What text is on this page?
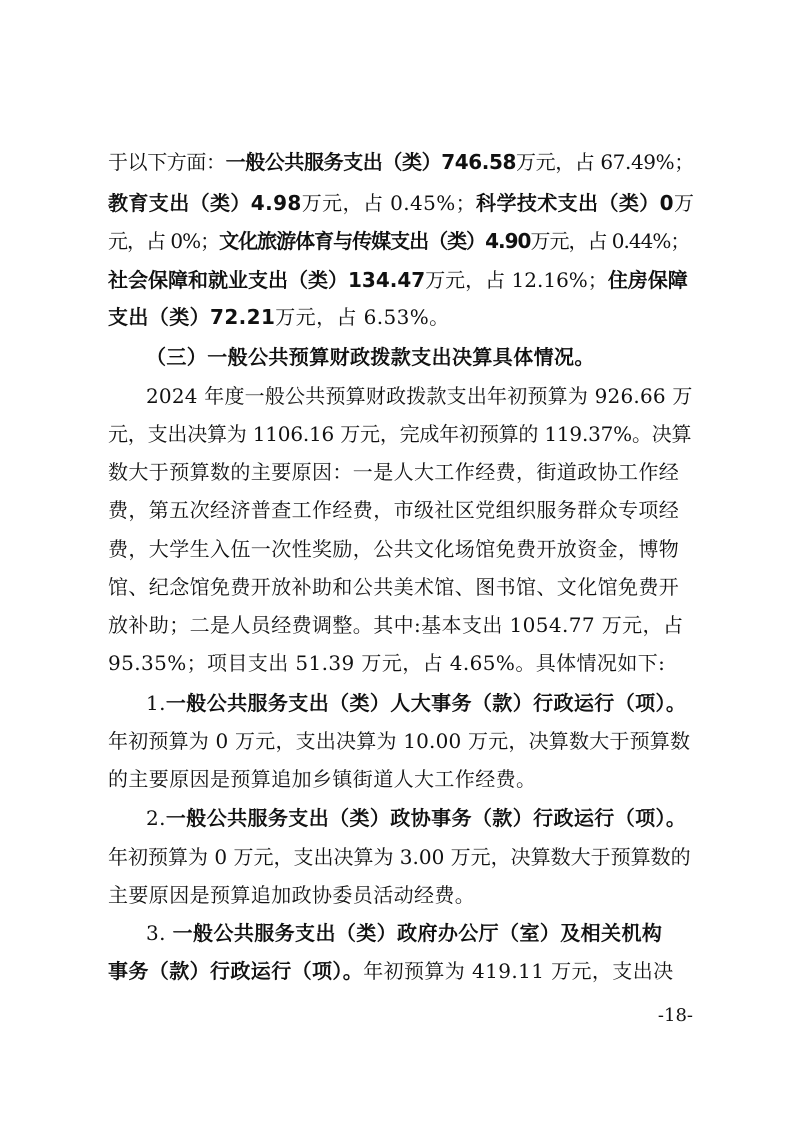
于以下方面：一般公共服务支出（类）746.58万元，占 67.49%；
教育支出（类）4.98万元，占 0.45%；科学技术支出（类）0万
元，占 0%；文化旅游体育与传媒支出（类）4.90万元，占 0.44%；
社会保障和就业支出（类）134.47万元，占 12.16%；住房保障
支出（类）72.21万元，占 6.53%。
（三）一般公共预算财政拨款支出决算具体情况。
2024 年度一般公共预算财政拨款支出年初预算为 926.66 万
元，支出决算为 1106.16 万元，完成年初预算的 119.37%。决算
数大于预算数的主要原因：一是人大工作经费，街道政协工作经
费，第五次经济普查工作经费，市级社区党组织服务群众专项经
费，大学生入伍一次性奖励，公共文化场馆免费开放资金，博物
馆、纪念馆免费开放补助和公共美术馆、图书馆、文化馆免费开
放补助；二是人员经费调整。其中:基本支出 1054.77 万元，占
95.35%；项目支出 51.39 万元，占 4.65%。具体情况如下:
1.一般公共服务支出（类）人大事务（款）行政运行（项）。
年初预算为 0 万元，支出决算为 10.00 万元，决算数大于预算数
的主要原因是预算追加乡镇街道人大工作经费。
2.一般公共服务支出（类）政协事务（款）行政运行（项）。
年初预算为 0 万元，支出决算为 3.00 万元，决算数大于预算数的
主要原因是预算追加政协委员活动经费。
3. 一般公共服务支出（类）政府办公厅（室）及相关机构
事务（款）行政运行（项）。年初预算为 419.11 万元，支出决
-18-
